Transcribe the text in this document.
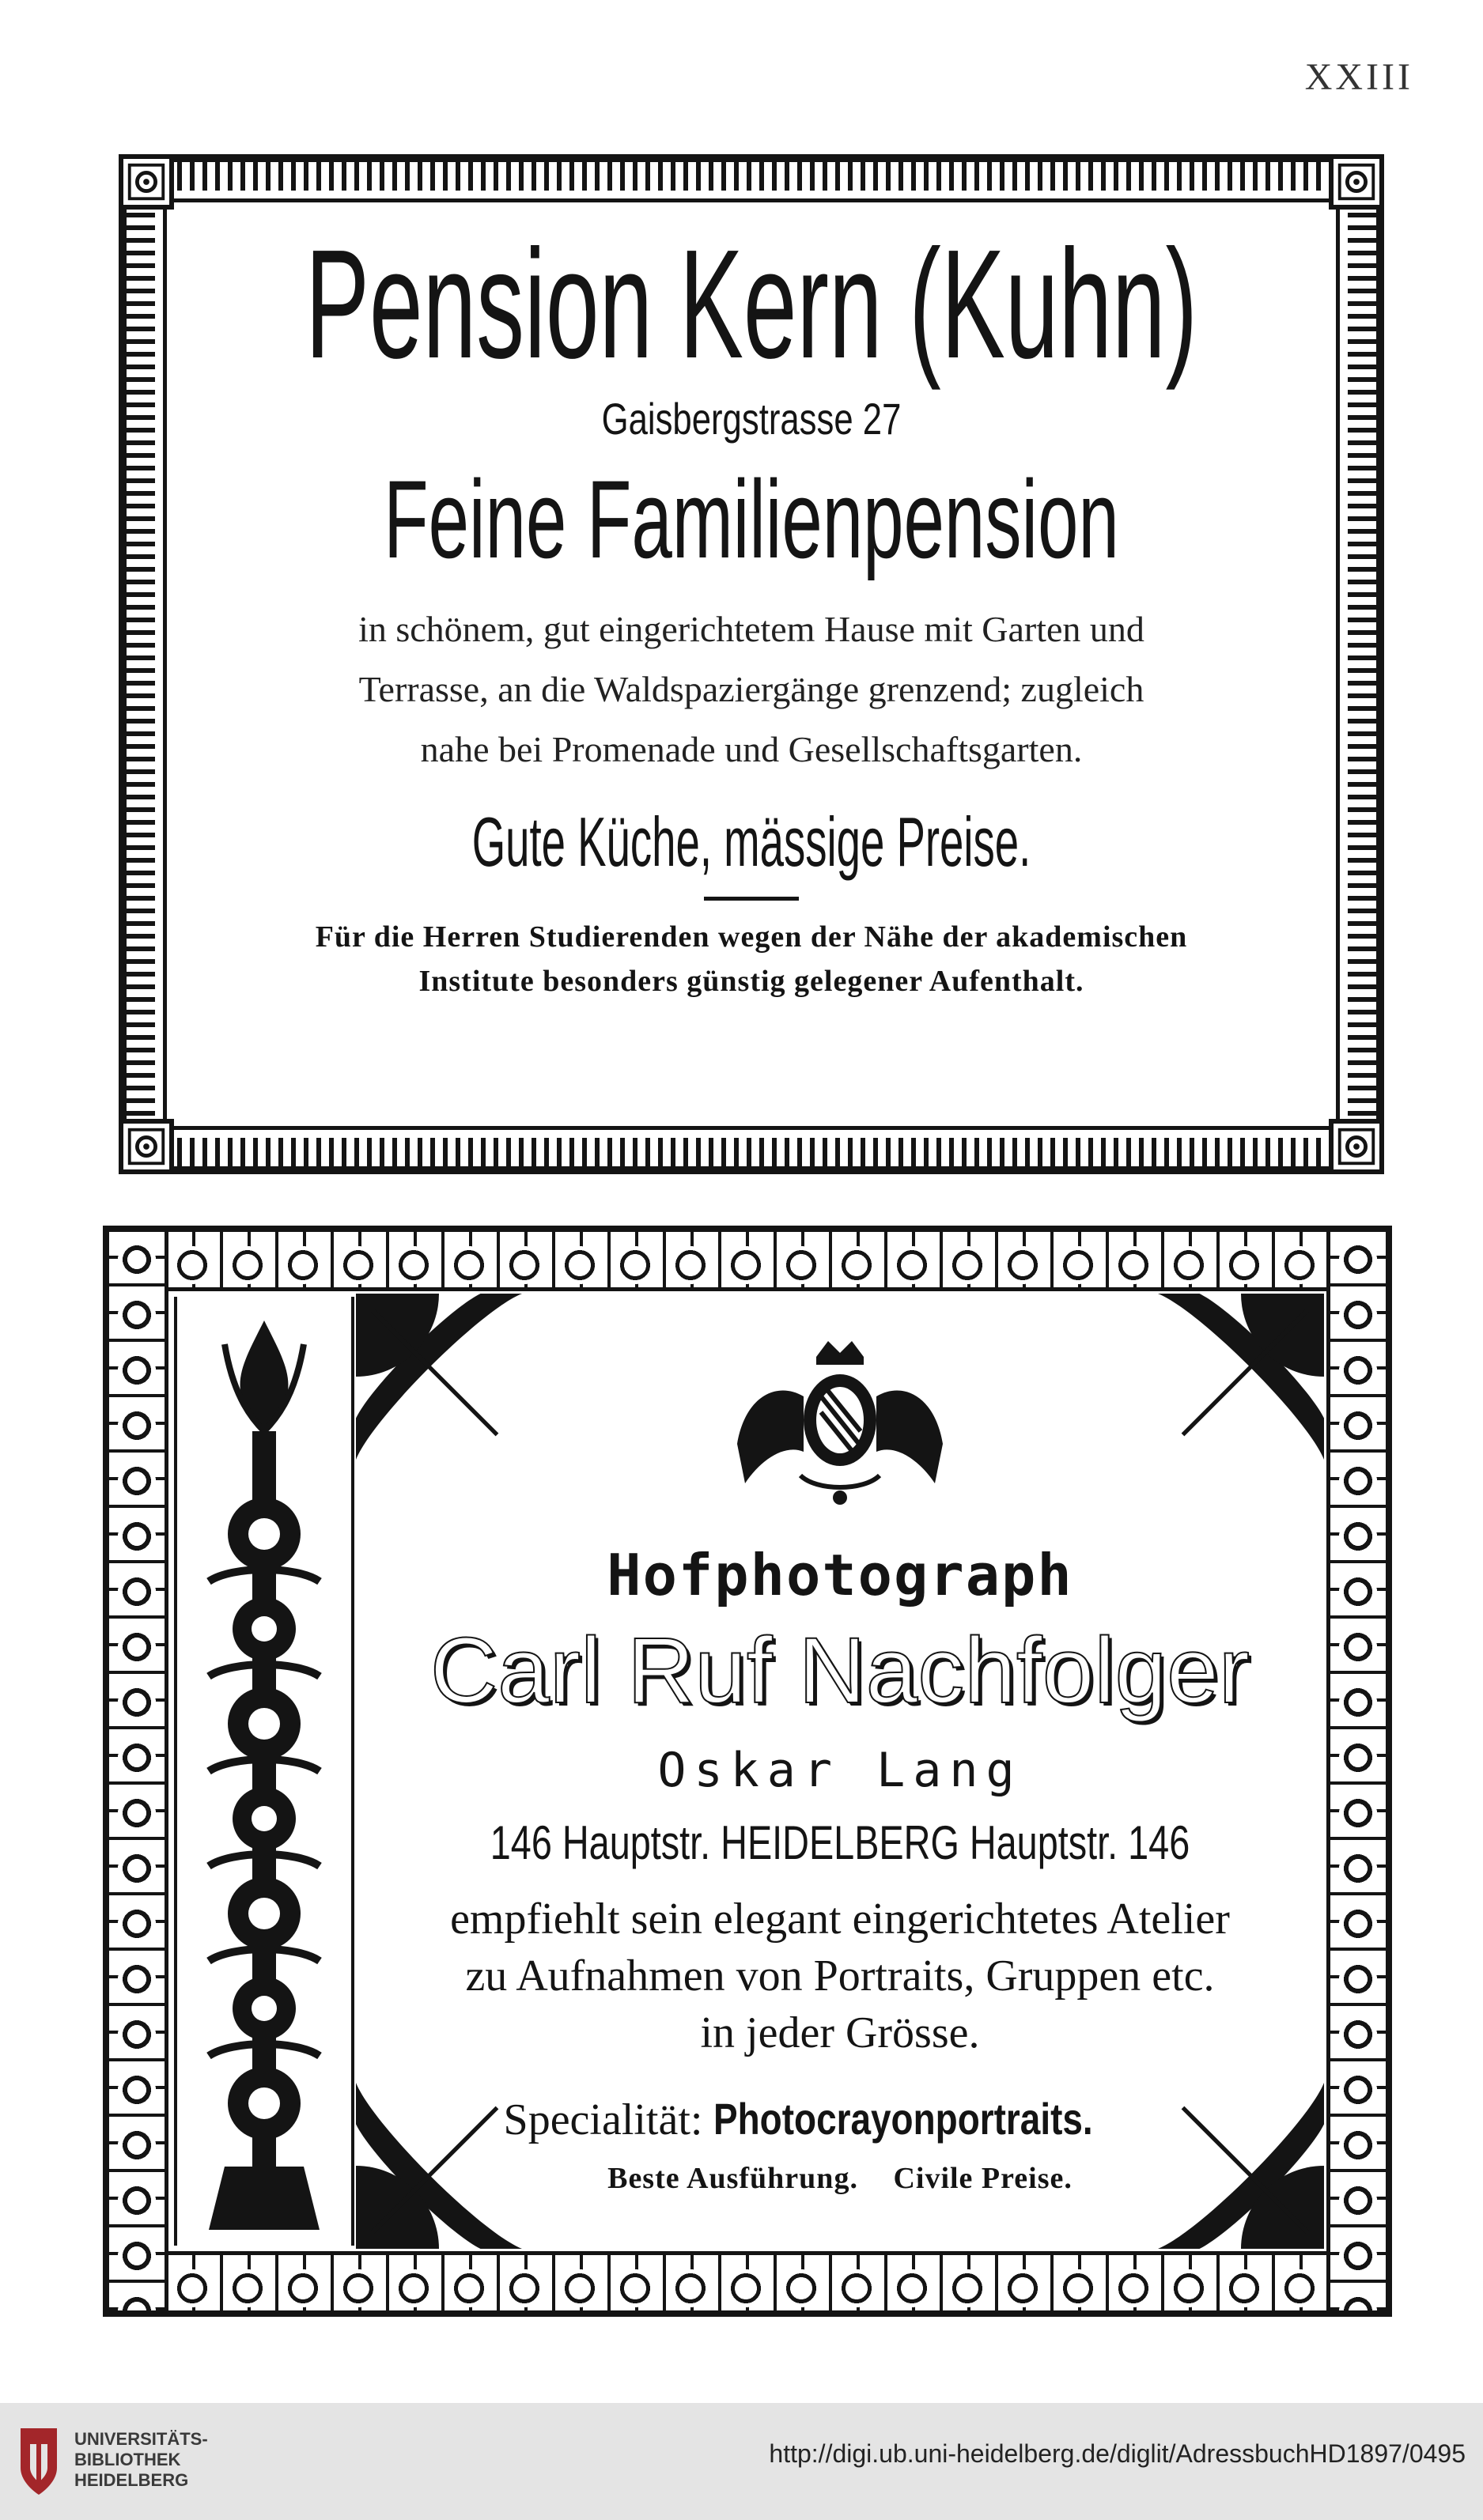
XXIII
Pension Kern (Kuhn)
Gaisbergstrasse 27
Feine Familienpension
in schönem, gut eingerichtetem Hause mit Garten und
Terrasse, an die Waldspaziergänge grenzend; zugleich
nahe bei Promenade und Gesellschaftsgarten.
Gute Küche, mässige Preise.
Für die Herren Studierenden wegen der Nähe der akademischen
Institute besonders günstig gelegener Aufenthalt.
Hofphotograph
Carl Ruf Nachfolger
Oskar Lang
146 Hauptstr. HEIDELBERG Hauptstr. 146
empfiehlt sein elegant eingerichtetes Atelier
zu Aufnahmen von Portraits, Gruppen etc.
in jeder Grösse.
Specialität: Photocrayonportraits.
Beste Ausführung. Civile Preise.
UNIVERSITÄTS-
BIBLIOTHEK
HEIDELBERG
http://digi.ub.uni-heidelberg.de/diglit/AdressbuchHD1897/0495
